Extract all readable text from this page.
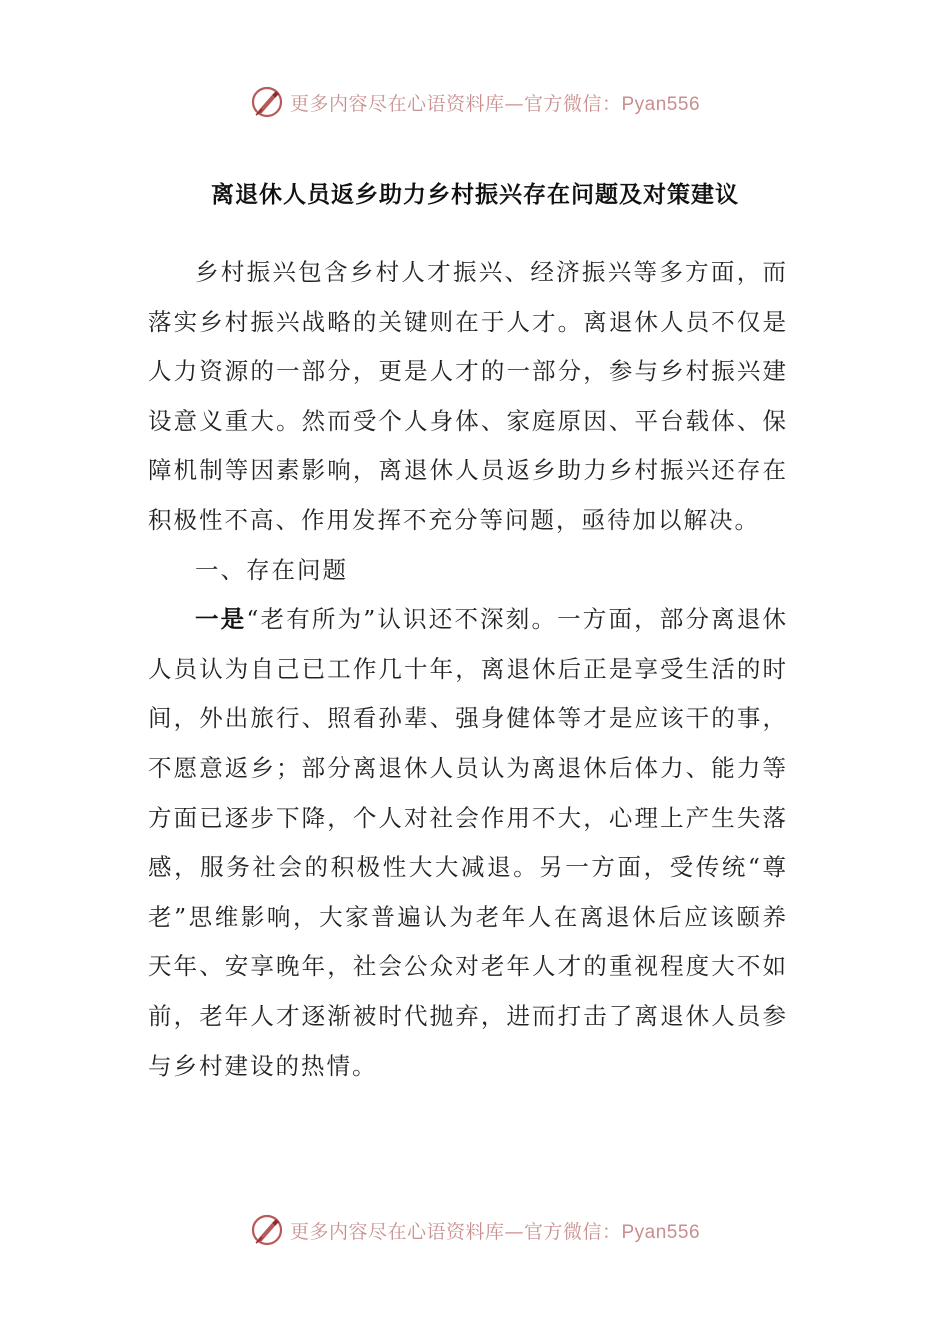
更多内容尽在心语资料库—官方微信：Pyan556
离退休人员返乡助力乡村振兴存在问题及对策建议

乡村振兴包含乡村人才振兴、经济振兴等多方面，而落实乡村振兴战略的关键则在于人才。离退休人员不仅是人力资源的一部分，更是人才的一部分，参与乡村振兴建设意义重大。然而受个人身体、家庭原因、平台载体、保障机制等因素影响，离退休人员返乡助力乡村振兴还存在积极性不高、作用发挥不充分等问题，亟待加以解决。

一、存在问题

一是“老有所为”认识还不深刻。一方面，部分离退休人员认为自己已工作几十年，离退休后正是享受生活的时间，外出旅行、照看孙辈、强身健体等才是应该干的事，不愿意返乡；部分离退休人员认为离退休后体力、能力等方面已逐步下降，个人对社会作用不大，心理上产生失落感，服务社会的积极性大大减退。另一方面，受传统“尊老”思维影响，大家普遍认为老年人在离退休后应该颐养天年、安享晚年，社会公众对老年人才的重视程度大不如前，老年人才逐渐被时代抛弃，进而打击了离退休人员参与乡村建设的热情。

更多内容尽在心语资料库—官方微信：Pyan556
